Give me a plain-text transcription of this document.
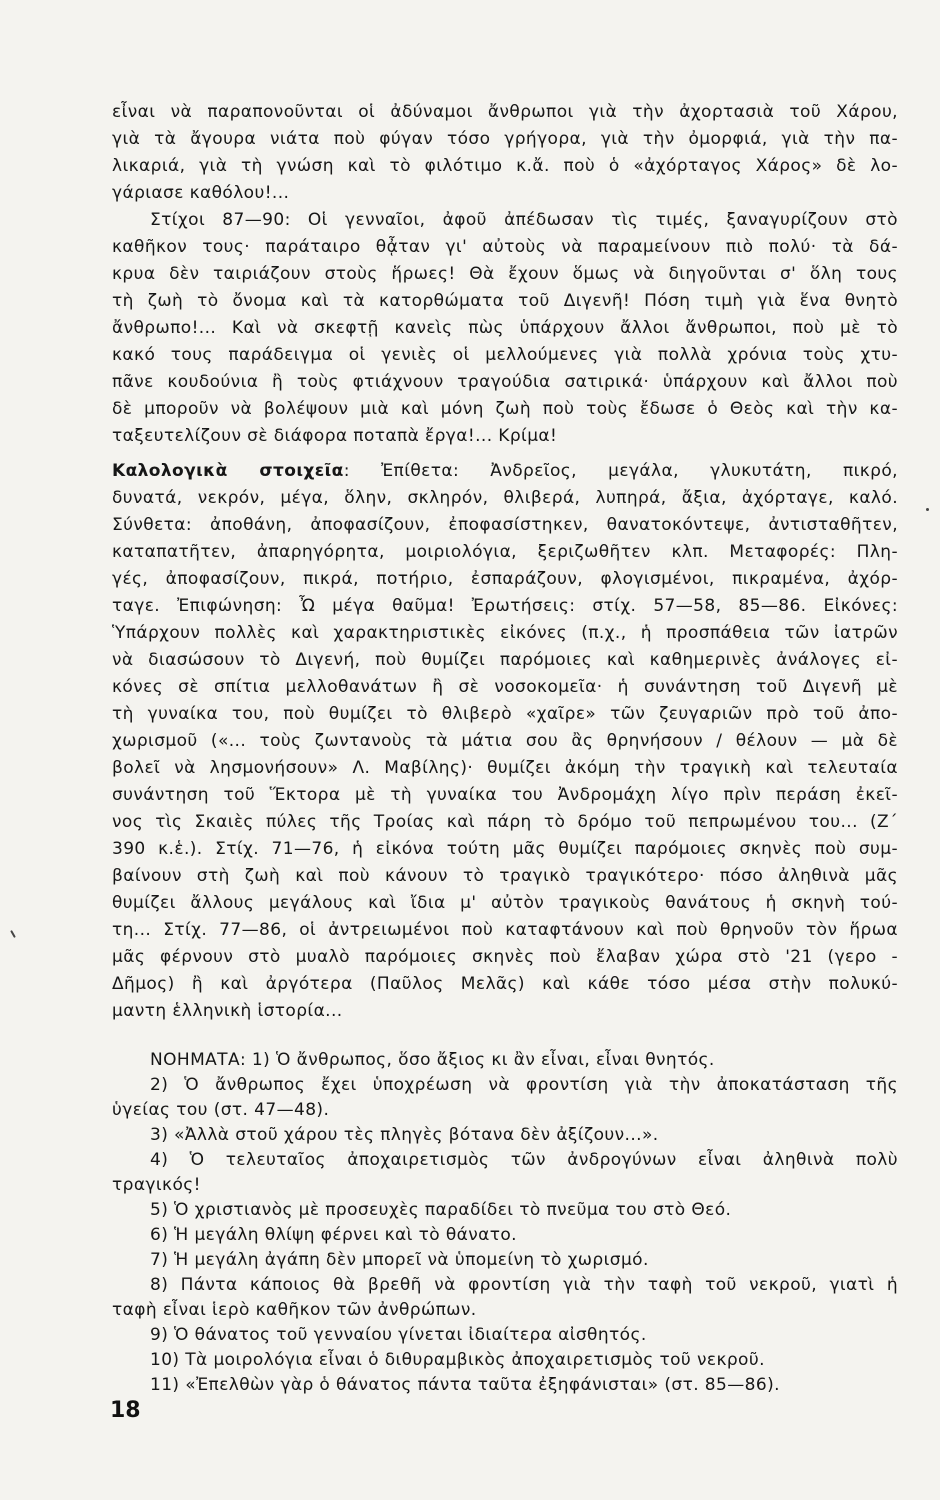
εἶναι νὰ παραπονοῦνται οἱ ἀδύναμοι ἄνθρωποι γιὰ τὴν ἀχορτασιὰ τοῦ Χάρου,
γιὰ τὰ ἄγουρα νιάτα ποὺ φύγαν τόσο γρήγορα, γιὰ τὴν ὀμορφιά, γιὰ τὴν πα-
λικαριά, γιὰ τὴ γνώση καὶ τὸ φιλότιμο κ.ἄ. ποὺ ὁ «ἀχόρταγος Χάρος» δὲ λο-
γάριασε καθόλου!...
Στίχοι 87—90: Οἱ γενναῖοι, ἀφοῦ ἀπέδωσαν τὶς τιμές, ξαναγυρίζουν στὸ
καθῆκον τους· παράταιρο θᾆταν γι' αὐτοὺς νὰ παραμείνουν πιὸ πολύ· τὰ δά-
κρυα δὲν ταιριάζουν στοὺς ἥρωες! Θὰ ἔχουν ὅμως νὰ διηγοῦνται σ' ὅλη τους
τὴ ζωὴ τὸ ὄνομα καὶ τὰ κατορθώματα τοῦ Διγενῆ! Πόση τιμὴ γιὰ ἕνα θνητὸ
ἄνθρωπο!... Καὶ νὰ σκεφτῇ κανεὶς πὼς ὑπάρχουν ἄλλοι ἄνθρωποι, ποὺ μὲ τὸ
κακό τους παράδειγμα οἱ γενιὲς οἱ μελλούμενες γιὰ πολλὰ χρόνια τοὺς χτυ-
πᾶνε κουδούνια ἢ τοὺς φτιάχνουν τραγούδια σατιρικά· ὑπάρχουν καὶ ἄλλοι ποὺ
δὲ μποροῦν νὰ βολέψουν μιὰ καὶ μόνη ζωὴ ποὺ τοὺς ἔδωσε ὁ Θεὸς καὶ τὴν κα-
ταξευτελίζουν σὲ διάφορα ποταπὰ ἔργα!... Κρίμα!
Καλολογικὰ στοιχεῖα: Ἐπίθετα: Ἀνδρεῖος, μεγάλα, γλυκυτάτη, πικρό,
δυνατά, νεκρόν, μέγα, ὅλην, σκληρόν, θλιβερά, λυπηρά, ἄξια, ἀχόρταγε, καλό.
Σύνθετα: ἀποθάνη, ἀποφασίζουν, ἐποφασίστηκεν, θανατοκόντεψε, ἀντισταθῆτεν,
καταπατῆτεν, ἀπαρηγόρητα, μοιριολόγια, ξεριζωθῆτεν κλπ. Μεταφορές: Πλη-
γές, ἀποφασίζουν, πικρά, ποτήριο, ἐσπαράζουν, φλογισμένοι, πικραμένα, ἀχόρ-
ταγε. Ἐπιφώνηση: Ὦ μέγα θαῦμα! Ἐρωτήσεις: στίχ. 57—58, 85—86. Εἰκόνες:
Ὑπάρχουν πολλὲς καὶ χαρακτηριστικὲς εἰκόνες (π.χ., ἡ προσπάθεια τῶν ἰατρῶν
νὰ διασώσουν τὸ Διγενή, ποὺ θυμίζει παρόμοιες καὶ καθημερινὲς ἀνάλογες εἰ-
κόνες σὲ σπίτια μελλοθανάτων ἢ σὲ νοσοκομεῖα· ἡ συνάντηση τοῦ Διγενῆ μὲ
τὴ γυναίκα του, ποὺ θυμίζει τὸ θλιβερὸ «χαῖρε» τῶν ζευγαριῶν πρὸ τοῦ ἀπο-
χωρισμοῦ («... τοὺς ζωντανοὺς τὰ μάτια σου ἂς θρηνήσουν / θέλουν — μὰ δὲ
βολεῖ νὰ λησμονήσουν» Λ. Μαβίλης)· θυμίζει ἀκόμη τὴν τραγικὴ καὶ τελευταία
συνάντηση τοῦ Ἕκτορα μὲ τὴ γυναίκα του Ἀνδρομάχη λίγο πρὶν περάση ἐκεῖ-
νος τὶς Σκαιὲς πύλες τῆς Τροίας καὶ πάρη τὸ δρόμο τοῦ πεπρωμένου του... (Ζ΄
390 κ.ἑ.). Στίχ. 71—76, ἡ εἰκόνα τούτη μᾶς θυμίζει παρόμοιες σκηνὲς ποὺ συμ-
βαίνουν στὴ ζωὴ καὶ ποὺ κάνουν τὸ τραγικὸ τραγικότερο· πόσο ἀληθινὰ μᾶς
θυμίζει ἄλλους μεγάλους καὶ ἴδια μ' αὐτὸν τραγικοὺς θανάτους ἡ σκηνὴ τού-
τη... Στίχ. 77—86, οἱ ἀντρειωμένοι ποὺ καταφτάνουν καὶ ποὺ θρηνοῦν τὸν ἥρωα
μᾶς φέρνουν στὸ μυαλὸ παρόμοιες σκηνὲς ποὺ ἔλαβαν χώρα στὸ '21 (γερο -
Δῆμος) ἢ καὶ ἀργότερα (Παῦλος Μελᾶς) καὶ κάθε τόσο μέσα στὴν πολυκύ-
μαντη ἑλληνικὴ ἱστορία...
ΝΟΗΜΑΤΑ: 1) Ὁ ἄνθρωπος, ὅσο ἄξιος κι ἂν εἶναι, εἶναι θνητός.
2) Ὁ ἄνθρωπος ἔχει ὑποχρέωση νὰ φροντίση γιὰ τὴν ἀποκατάσταση τῆς
ὑγείας του (στ. 47—48).
3) «Ἀλλὰ στοῦ χάρου τὲς πληγὲς βότανα δὲν ἀξίζουν...».
4) Ὁ τελευταῖος ἀποχαιρετισμὸς τῶν ἀνδρογύνων εἶναι ἀληθινὰ πολὺ
τραγικός!
5) Ὁ χριστιανὸς μὲ προσευχὲς παραδίδει τὸ πνεῦμα του στὸ Θεό.
6) Ἡ μεγάλη θλίψη φέρνει καὶ τὸ θάνατο.
7) Ἡ μεγάλη ἀγάπη δὲν μπορεῖ νὰ ὑπομείνη τὸ χωρισμό.
8) Πάντα κάποιος θὰ βρεθῆ νὰ φροντίση γιὰ τὴν ταφὴ τοῦ νεκροῦ, γιατὶ ἡ
ταφὴ εἶναι ἱερὸ καθῆκον τῶν ἀνθρώπων.
9) Ὁ θάνατος τοῦ γενναίου γίνεται ἰδιαίτερα αἰσθητός.
10) Τὰ μοιρολόγια εἶναι ὁ διθυραμβικὸς ἀποχαιρετισμὸς τοῦ νεκροῦ.
11) «Ἐπελθὼν γὰρ ὁ θάνατος πάντα ταῦτα ἐξηφάνισται» (στ. 85—86).
18
